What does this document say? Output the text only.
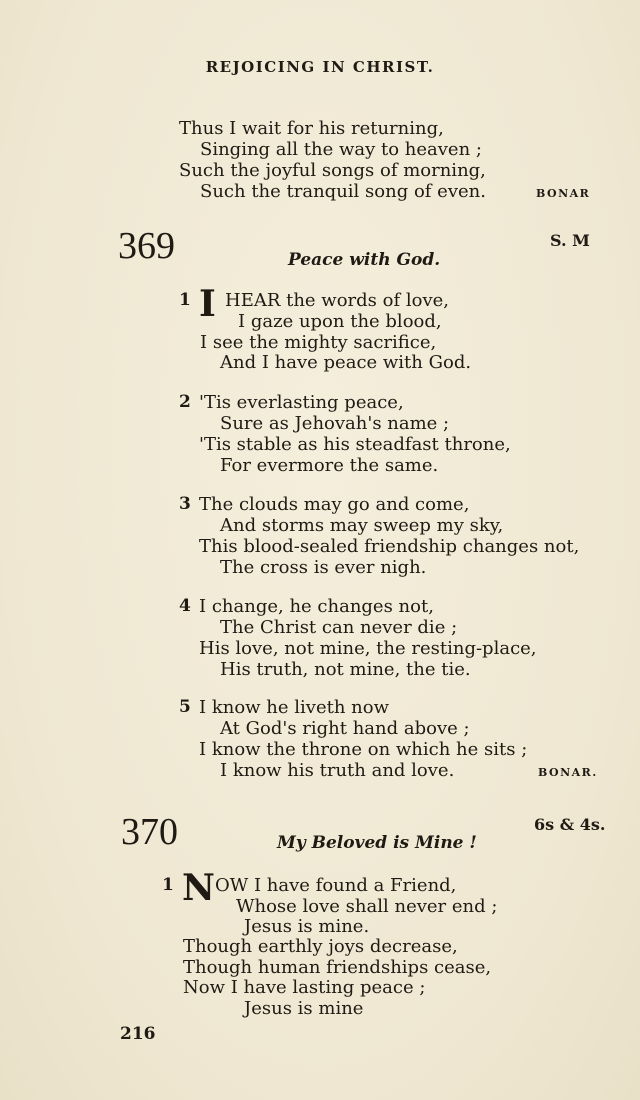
REJOICING IN CHRIST.
Thus I wait for his returning,
Singing all the way to heaven ;
Such the joyful songs of morning,
Such the tranquil song of even.	BONAR
369	S. M
Peace with God.
1 I HEAR the words of love,
I gaze upon the blood,
I see the mighty sacrifice,
And I have peace with God.
2 'Tis everlasting peace,
Sure as Jehovah's name ;
'Tis stable as his steadfast throne,
For evermore the same.
3 The clouds may go and come,
And storms may sweep my sky,
This blood-sealed friendship changes not,
The cross is ever nigh.
4 I change, he changes not,
The Christ can never die ;
His love, not mine, the resting-place,
His truth, not mine, the tie.
5 I know he liveth now
At God's right hand above ;
I know the throne on which he sits ;
I know his truth and love.	BONAR.
370	6s & 4s.
My Beloved is Mine !
1 N OW I have found a Friend,
Whose love shall never end ;
Jesus is mine.
Though earthly joys decrease,
Though human friendships cease,
Now I have lasting peace ;
Jesus is mine
216
